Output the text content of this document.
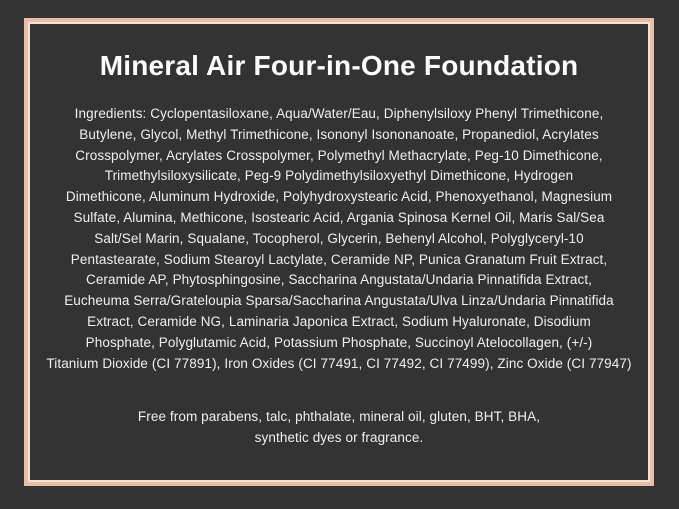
Mineral Air Four-in-One Foundation
Ingredients: Cyclopentasiloxane, Aqua/Water/Eau, Diphenylsiloxy Phenyl Trimethicone,
Butylene, Glycol, Methyl Trimethicone, Isononyl Isononanoate, Propanediol, Acrylates
Crosspolymer, Acrylates Crosspolymer, Polymethyl Methacrylate, Peg-10 Dimethicone,
Trimethylsiloxysilicate, Peg-9 Polydimethylsiloxyethyl Dimethicone, Hydrogen
Dimethicone, Aluminum Hydroxide, Polyhydroxystearic Acid, Phenoxyethanol, Magnesium
Sulfate, Alumina, Methicone, Isostearic Acid, Argania Spinosa Kernel Oil, Maris Sal/Sea
Salt/Sel Marin, Squalane, Tocopherol, Glycerin, Behenyl Alcohol, Polyglyceryl-10
Pentastearate, Sodium Stearoyl Lactylate, Ceramide NP, Punica Granatum Fruit Extract,
Ceramide AP, Phytosphingosine, Saccharina Angustata/Undaria Pinnatifida Extract,
Eucheuma Serra/Grateloupia Sparsa/Saccharina Angustata/Ulva Linza/Undaria Pinnatifida
Extract, Ceramide NG, Laminaria Japonica Extract, Sodium Hyaluronate, Disodium
Phosphate, Polyglutamic Acid, Potassium Phosphate, Succinoyl Atelocollagen, (+/-)
Titanium Dioxide (CI 77891), Iron Oxides (CI 77491, CI 77492, CI 77499), Zinc Oxide (CI 77947)
Free from parabens, talc, phthalate, mineral oil, gluten, BHT, BHA,
synthetic dyes or fragrance.
